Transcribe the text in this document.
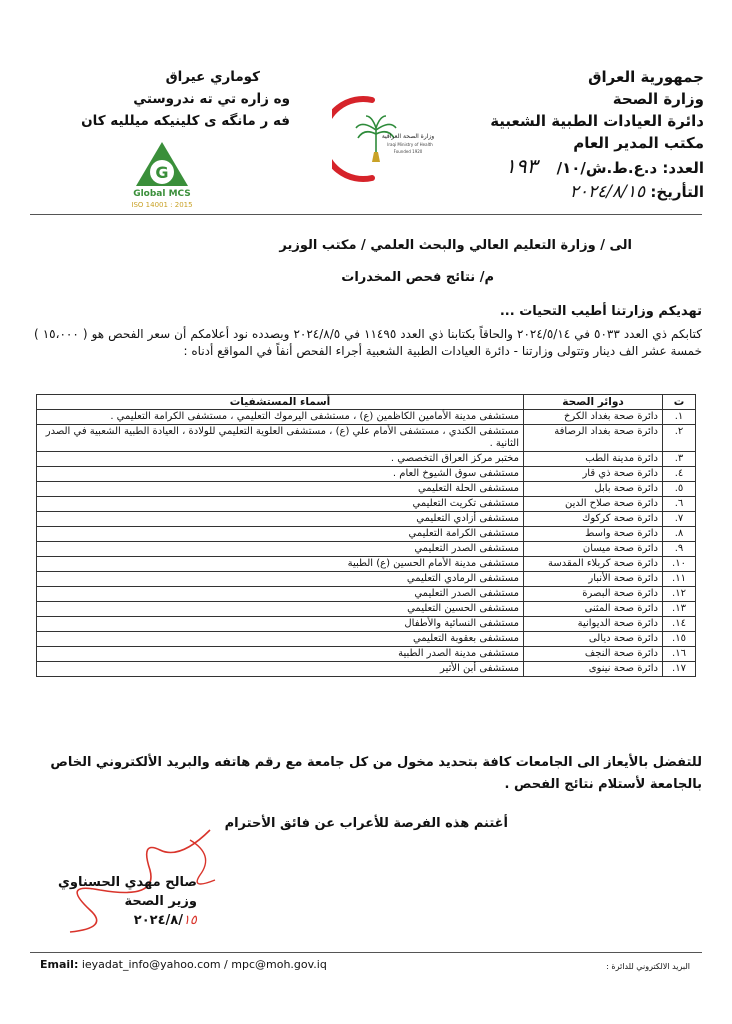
جمهورية العراق
وزارة الصحة
دائرة العيادات الطبية الشعبية
مكتب المدير العام
العدد: د.ع.ط.ش/١٠/ ١٩٣
التأريخ: ٢٠٢٤/٨/١٥
كوماري عيراق
وه زاره تي ته ندروستي
فه ر مانگه ى كلينيكه ميلليه كان
وزارة الصحة العراقية
Iraqi Ministry of Health
Founded 1920
G
Global MCS
ISO 14001 : 2015
الى / وزارة التعليم العالي والبحث العلمي / مكتب الوزير
م/ نتائج فحص المخدرات
تهديكم وزارتنا أطيب التحيات ...
كتابكم ذي العدد ٥٠٣٣ في ٢٠٢٤/٥/١٤ والحاقاً بكتابنا ذي العدد ١١٤٩٥ في ٢٠٢٤/٨/٥ وبصدده نود أعلامكم أن سعر الفحص هو ( ١٥،٠٠٠ ) خمسة عشر الف دينار وتتولى وزارتنا - دائرة العيادات الطبية الشعبية أجراء الفحص أنفاً في المواقع أدناه :
ت	دوائر الصحة	أسماء المستشفيات
١.	دائرة صحة بغداد الكرخ	مستشفى مدينة الأمامين الكاظمين (ع) ، مستشفى اليرموك التعليمي ، مستشفى الكرامة التعليمي .
٢.	دائرة صحة بغداد الرصافة	مستشفى الكندي ، مستشفى الأمام علي (ع) ، مستشفى العلوية التعليمي للولادة ، العيادة الطبية الشعبية في الصدر الثانية .
٣.	دائرة مدينة الطب	مختبر مركز العراق التخصصي .
٤.	دائرة صحة ذي قار	مستشفى سوق الشيوخ العام .
٥.	دائرة صحة بابل	مستشفى الحلة التعليمي
٦.	دائرة صحة صلاح الدين	مستشفى تكريت التعليمي
٧.	دائرة صحة كركوك	مستشفى أزادي التعليمي
٨.	دائرة صحة واسط	مستشفى الكرامة التعليمي
٩.	دائرة صحة ميسان	مستشفى الصدر التعليمي
١٠.	دائرة صحة كربلاء المقدسة	مستشفى مدينة الأمام الحسين (ع) الطبية
١١.	دائرة صحة الأنبار	مستشفى الرمادي التعليمي
١٢.	دائرة صحة البصرة	مستشفى الصدر التعليمي
١٣.	دائرة صحة المثنى	مستشفى الحسين التعليمي
١٤.	دائرة صحة الديوانية	مستشفى النسائية والأطفال
١٥.	دائرة صحة ديالى	مستشفى بعقوبة التعليمي
١٦.	دائرة صحة النجف	مستشفى مدينة الصدر الطبية
١٧.	دائرة صحة نينوى	مستشفى أبن الأثير
للتفضل بالأيعاز الى الجامعات كافة بتحديد مخول من كل جامعة مع رقم هاتفه والبريد الألكتروني الخاص بالجامعة لأستلام نتائج الفحص .
أغتنم هذه الفرصة للأعراب عن فائق الأحترام
صالح مهدي الحسناوي
وزير الصحة
٢٠٢٤/٨/١٥
Email: ieyadat_info@yahoo.com / mpc@moh.gov.iq	البريد الالكتروني للدائرة :
